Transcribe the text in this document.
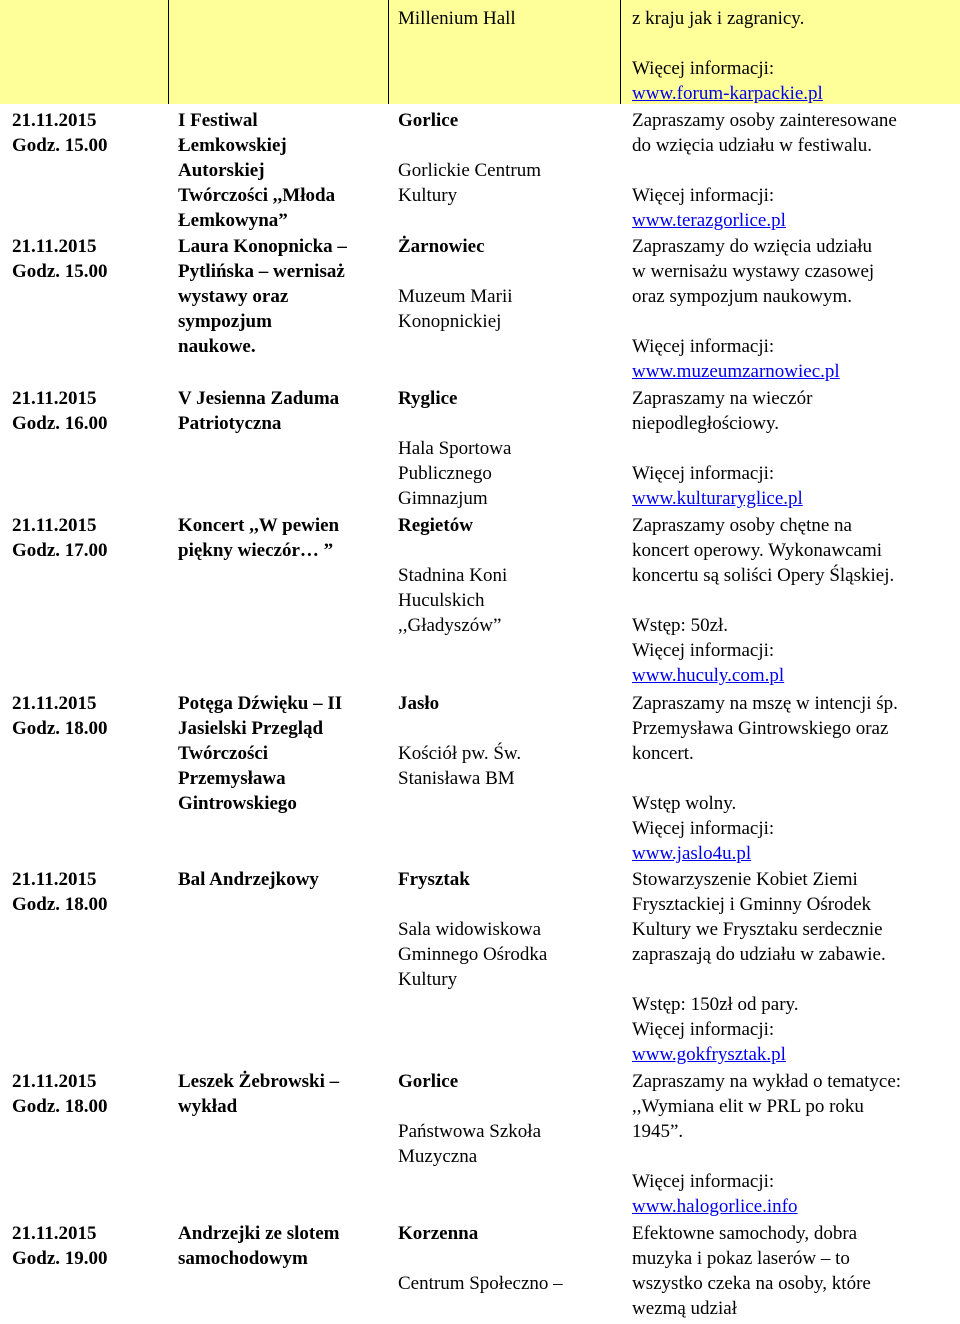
Millenium Hall	z kraju jak i zagranicy.

Więcej informacji:

www.forum-karpackie.pl

21.11.2015

Godz. 15.00

I Festiwal

Łemkowskiej

Autorskiej

Twórczości ,,Młoda

Łemkowyna”

Gorlice

Gorlickie Centrum

Kultury

Zapraszamy osoby zainteresowane

do wzięcia udziału w festiwalu.

Więcej informacji:

www.terazgorlice.pl

21.11.2015

Godz. 15.00

Laura Konopnicka –

Pytlińska – wernisaż

wystawy oraz

sympozjum

naukowe.

Żarnowiec

Muzeum Marii

Konopnickiej

Zapraszamy do wzięcia udziału

w wernisażu wystawy czasowej

oraz sympozjum naukowym.

Więcej informacji:

www.muzeumzarnowiec.pl

21.11.2015

Godz. 16.00

V Jesienna Zaduma

Patriotyczna

Ryglice

Hala Sportowa

Publicznego

Gimnazjum

Zapraszamy na wieczór

niepodległościowy.

Więcej informacji:

www.kulturaryglice.pl

21.11.2015

Godz. 17.00

Koncert ,,W pewien

piękny wieczór… ”

Regietów

Stadnina Koni

Huculskich

,,Gładyszów”

Zapraszamy osoby chętne na

koncert operowy. Wykonawcami

koncertu są soliści Opery Śląskiej.

Wstęp: 50zł.

Więcej informacji:

www.huculy.com.pl

21.11.2015

Godz. 18.00

Potęga Dźwięku – II

Jasielski Przegląd

Twórczości

Przemysława

Gintrowskiego

Jasło

Kościół pw. Św.

Stanisława BM

Zapraszamy na mszę w intencji śp.

Przemysława Gintrowskiego oraz

koncert.

Wstęp wolny.

Więcej informacji:

www.jaslo4u.pl

21.11.2015

Godz. 18.00

Bal Andrzejkowy	Frysztak

Sala widowiskowa

Gminnego Ośrodka

Kultury

Stowarzyszenie Kobiet Ziemi

Frysztackiej i Gminny Ośrodek

Kultury we Frysztaku serdecznie

zapraszają do udziału w zabawie.

Wstęp: 150zł od pary.

Więcej informacji:

www.gokfrysztak.pl

21.11.2015

Godz. 18.00

Leszek Żebrowski –

wykład

Gorlice

Państwowa Szkoła

Muzyczna

Zapraszamy na wykład o tematyce:

,,Wymiana elit w PRL po roku

1945”.

Więcej informacji:

www.halogorlice.info

21.11.2015

Godz. 19.00

Andrzejki ze slotem

samochodowym

Korzenna

Centrum Społeczno –

Efektowne samochody, dobra

muzyka i pokaz laserów – to

wszystko czeka na osoby, które

wezmą udział
